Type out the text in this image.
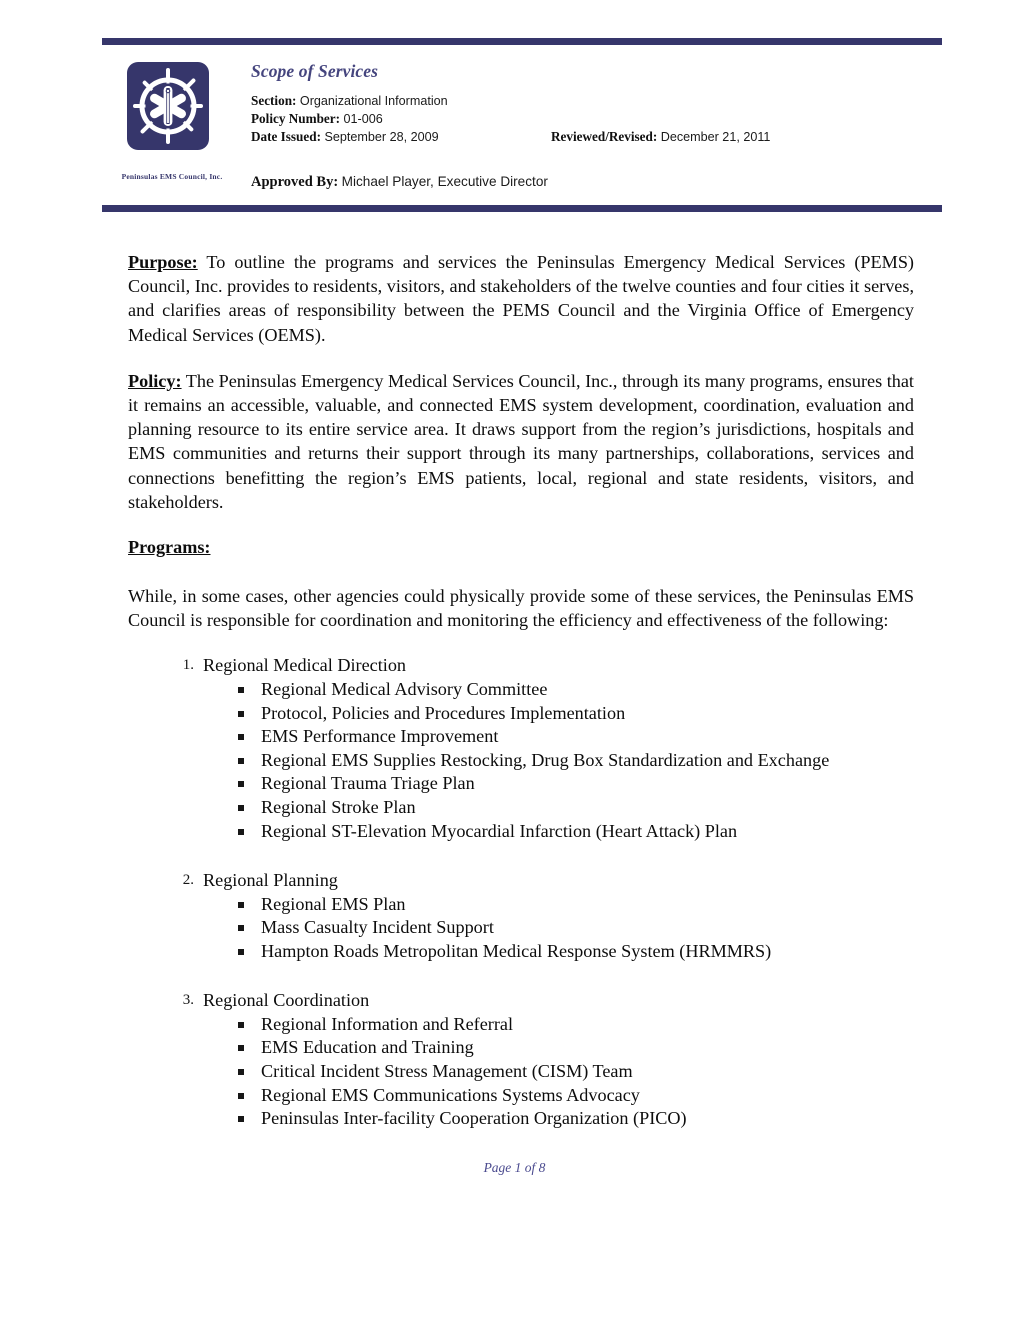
Peninsulas EMS Council, Inc.
Scope of Services
Section: Organizational Information
Policy Number: 01-006
Date Issued: September 28, 2009	Reviewed/Revised: December 21, 2011
Approved By: Michael Player, Executive Director

Purpose: To outline the programs and services the Peninsulas Emergency Medical Services (PEMS) Council, Inc. provides to residents, visitors, and stakeholders of the twelve counties and four cities it serves, and clarifies areas of responsibility between the PEMS Council and the Virginia Office of Emergency Medical Services (OEMS).

Policy: The Peninsulas Emergency Medical Services Council, Inc., through its many programs, ensures that it remains an accessible, valuable, and connected EMS system development, coordination, evaluation and planning resource to its entire service area. It draws support from the region’s jurisdictions, hospitals and EMS communities and returns their support through its many partnerships, collaborations, services and connections benefitting the region’s EMS patients, local, regional and state residents, visitors, and stakeholders.

Programs:

While, in some cases, other agencies could physically provide some of these services, the Peninsulas EMS Council is responsible for coordination and monitoring the efficiency and effectiveness of the following:

1. Regional Medical Direction
Regional Medical Advisory Committee
Protocol, Policies and Procedures Implementation
EMS Performance Improvement
Regional EMS Supplies Restocking, Drug Box Standardization and Exchange
Regional Trauma Triage Plan
Regional Stroke Plan
Regional ST-Elevation Myocardial Infarction (Heart Attack) Plan
2. Regional Planning
Regional EMS Plan
Mass Casualty Incident Support
Hampton Roads Metropolitan Medical Response System (HRMMRS)
3. Regional Coordination
Regional Information and Referral
EMS Education and Training
Critical Incident Stress Management (CISM) Team
Regional EMS Communications Systems Advocacy
Peninsulas Inter-facility Cooperation Organization (PICO)
Page 1 of 8
